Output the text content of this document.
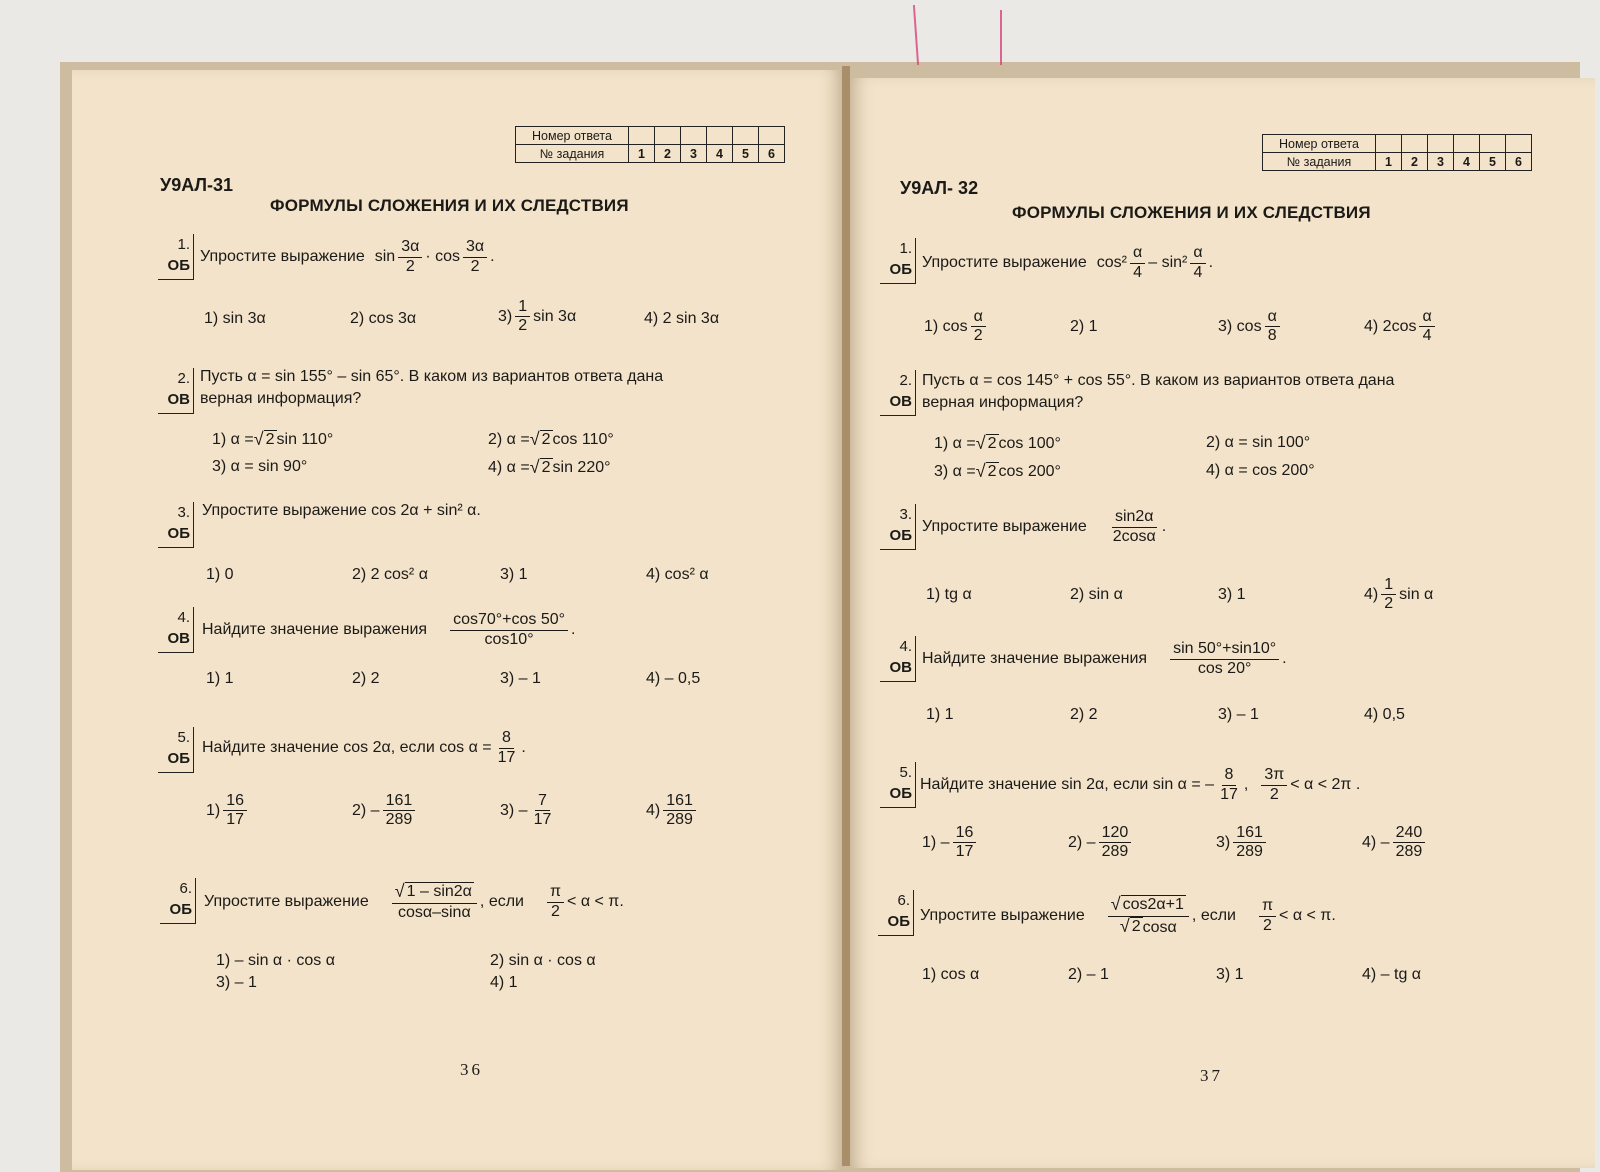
Номер ответа						
№ задания	1	2	3	4	5	6
У9АЛ-31
ФОРМУЛЫ СЛОЖЕНИЯ И ИХ СЛЕДСТВИЯ
1.
ОБ
Упростите выражение $\sin \frac{3\alpha}{2} \cdot \cos \frac{3\alpha}{2}$ .
1) sin 3α	2) cos 3α	$3) \frac{1}{2}$ sin 3α	4) 2 sin 3α
2.
ОВ
Пусть α = sin 155° – sin 65°. В каком из вариантов ответа дана
верная информация?
1) α = √ 2 sin 110°	2) α = √ 2 cos 110°
3) α = sin 90°	4) α = √ 2 sin 220°
3.
ОБ
Упростите выражение cos 2α + sin² α.
1) 0	2) 2 cos² α	3) 1	4) cos² α
4.
ОВ
Найдите значение выражения $\frac{\cos 70^\circ+\cos 50^\circ}{\cos 10^\circ}$ .
1) 1	2) 2	3) – 1	4) – 0,5
5.
ОБ
Найдите значение cos 2α, если $\cos \alpha = \frac{8}{17}$ .
$1) \frac{16}{17}$	$2) - \frac{161}{289}$	$3) - \frac{7}{17}$	$4) \frac{161}{289}$
6.
ОБ Упростите выражение $\frac{√ 1 - \sin 2\alpha}{\cos\alpha-\sin\alpha}$ , если $\frac{\pi}{2} < \alpha < \pi$.
1) – sin α · cos α	2) sin α · cos α
3) – 1	4) 1
36
Номер ответа						
№ задания	1	2	3	4	5	6
У9АЛ- 32
ФОРМУЛЫ СЛОЖЕНИЯ И ИХ СЛЕДСТВИЯ
1.
ОБ Упростите выражение $\cos^2 \frac{\alpha}{4} - \sin^2 \frac{\alpha}{4}$ .
1) $\cos \frac{\alpha}{2}$	2) 1	3) $\cos \frac{\alpha}{8}$	4) $2\cos \frac{\alpha}{4}$
2.
ОВ
Пусть α = cos 145° + cos 55°. В каком из вариантов ответа дана
верная информация?
1) α = √ 2 cos 100°	2) α = sin 100°
3) α = √ 2 cos 200°	4) α = cos 200°
3.
ОБ
Упростите выражение $\frac{\sin 2\alpha}{2\cos\alpha}$ .
1) tg α	2) sin α	3) 1	$4) \frac{1}{2}$ sin α
4.
ОВ
Найдите значение выражения $\frac{\sin 50^\circ+\sin 10^\circ}{\cos 20^\circ}$ .
1) 1	2) 2	3) – 1	4) 0,5
5.
ОБ
Найдите значение sin 2α, если sin α = – $\frac{8}{17}$ , $\frac{3\pi}{2} < \alpha < 2\pi$ .
$1) - \frac{16}{17}$	$2) - \frac{120}{289}$	$3) \frac{161}{289}$	$4) - \frac{240}{289}$
6.
ОБ Упростите выражение $\frac{√ \cos 2\alpha+1}{√ 2 \cos\alpha}$ , если $\frac{\pi}{2} < \alpha < \pi$.
1) cos α	2) – 1	3) 1	4) – tg α
37
